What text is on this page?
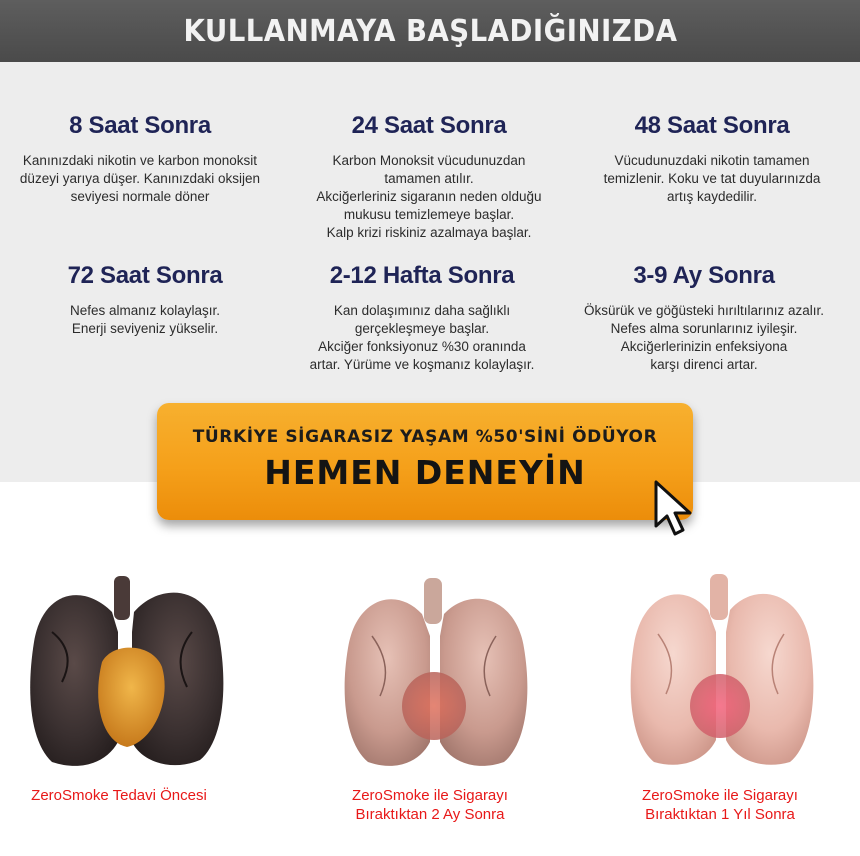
KULLANMAYA BAŞLADIĞINIZDA
8 Saat Sonra
Kanınızdaki nikotin ve karbon monoksit
düzeyi yarıya düşer. Kanınızdaki oksijen
seviyesi normale döner
24 Saat Sonra
Karbon Monoksit vücudunuzdan
tamamen atılır.
Akciğerleriniz sigaranın neden olduğu
mukusu temizlemeye başlar.
Kalp krizi riskiniz azalmaya başlar.
48 Saat Sonra
Vücudunuzdaki nikotin tamamen
temizlenir. Koku ve tat duyularınızda
artış kaydedilir.
72 Saat Sonra
Nefes almanız kolaylaşır.
Enerji seviyeniz yükselir.
2-12 Hafta Sonra
Kan dolaşımınız daha sağlıklı
gerçekleşmeye başlar.
Akciğer fonksiyonuz %30 oranında
artar. Yürüme ve koşmanız kolaylaşır.
3-9 Ay Sonra
Öksürük ve göğüsteki hırıltılarınız azalır.
Nefes alma sorunlarınız iyileşir.
Akciğerlerinizin enfeksiyona
karşı direnci artar.
TÜRKİYE SİGARASIZ YAŞAM %50'SİNİ ÖDÜYOR
HEMEN DENEYİN
ZeroSmoke Tedavi Öncesi	ZeroSmoke ile Sigarayı
Bıraktıktan 2 Ay Sonra
ZeroSmoke ile Sigarayı
Bıraktıktan 1 Yıl Sonra
